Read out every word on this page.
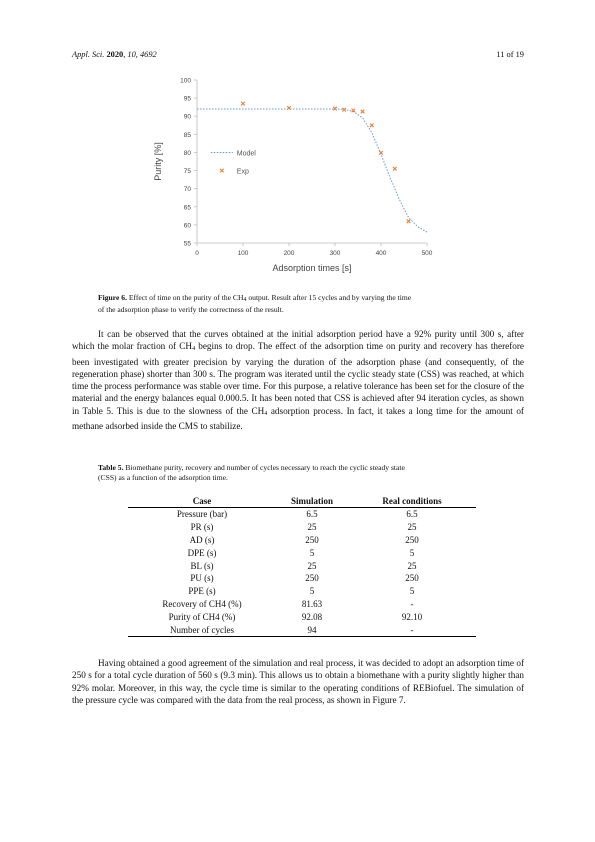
Appl. Sci. 2020, 10, 4692	11 of 19
55
60
65
70
75
80
85
90
95
100
0	100	200	300	400	500
Adsorption times [s]
Purity [%]	Model
Exp
Figure 6. Effect of time on the purity of the $CH_4$ output. Result after 15 cycles and by varying the time
of the adsorption phase to verify the correctness of the result.

It can be observed that the curves obtained at the initial adsorption period have a 92% purity until 300 s, after which the molar fraction of $CH_4$ begins to drop. The effect of the adsorption time on purity and recovery has therefore been investigated with greater precision by varying the duration of the adsorption phase (and consequently, of the regeneration phase) shorter than 300 s. The program was iterated until the cyclic steady state (CSS) was reached, at which time the process performance was stable over time. For this purpose, a relative tolerance has been set for the closure of the material and the energy balances equal 0.000.5. It has been noted that CSS is achieved after 94 iteration cycles, as shown in Table 5. This is due to the slowness of the $CH_4$ adsorption process. In fact, it takes a long time for the amount of methane adsorbed inside the CMS to stabilize.

Table 5. Biomethane purity, recovery and number of cycles necessary to reach the cyclic steady state
(CSS) as a function of the adsorption time.
Case	Simulation	Real conditions
Pressure (bar)	6.5	6.5
PR (s)	25	25
AD (s)	250	250
DPE (s)	5	5
BL (s)	25	25
PU (s)	250	250
PPE (s)	5	5
Recovery of CH4 (%)	81.63	-
Purity of CH4 (%)	92.08	92.10
Number of cycles	94	-

Having obtained a good agreement of the simulation and real process, it was decided to adopt an adsorption time of 250 s for a total cycle duration of 560 s (9.3 min). This allows us to obtain a biomethane with a purity slightly higher than 92% molar. Moreover, in this way, the cycle time is similar to the operating conditions of REBiofuel. The simulation of the pressure cycle was compared with the data from the real process, as shown in Figure 7.
